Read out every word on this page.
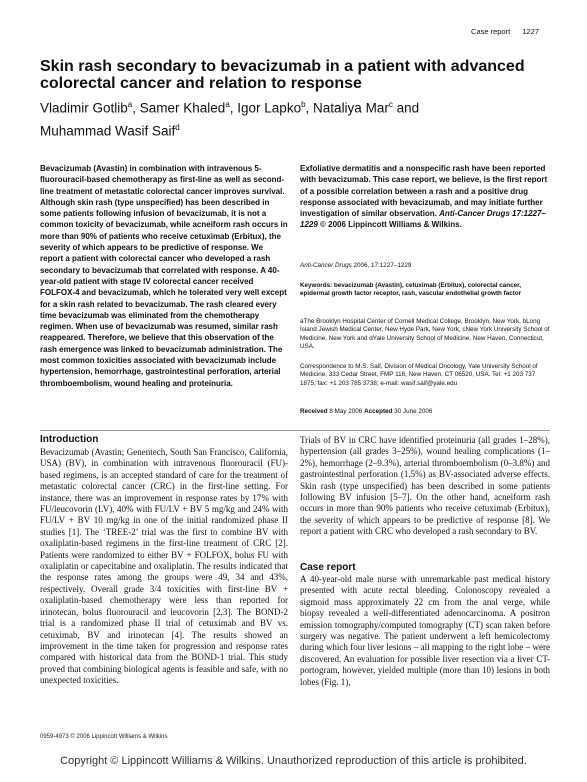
Case report 1227
Skin rash secondary to bevacizumab in a patient with advanced colorectal cancer and relation to response
Vladimir Gotlib$^a$, Samer Khaled$^a$, Igor Lapko$^b$, Nataliya Mar$^c$ and
Muhammad Wasif Saif$^d$
Bevacizumab (Avastin) in combination with intravenous 5-fluorouracil-based chemotherapy as first-line as well as second-line treatment of metastatic colorectal cancer improves survival. Although skin rash (type unspecified) has been described in some patients following infusion of bevacizumab, it is not a common toxicity of bevacizumab, while acneiform rash occurs in more than 90% of patients who receive cetuximab (Erbitux), the severity of which appears to be predictive of response. We report a patient with colorectal cancer who developed a rash secondary to bevacizumab that correlated with response. A 40-year-old patient with stage IV colorectal cancer received FOLFOX-4 and bevacizumab, which he tolerated very well except for a skin rash related to bevacizumab. The rash cleared every time bevacizumab was eliminated from the chemotherapy regimen. When use of bevacizumab was resumed, similar rash reappeared. Therefore, we believe that this observation of the rash emergence was linked to bevacizumab administration. The most common toxicities associated with bevacizumab include hypertension, hemorrhage, gastrointestinal perforation, arterial thromboembolism, wound healing and proteinuria.
Exfoliative dermatitis and a nonspecific rash have been reported with bevacizumab. This case report, we believe, is the first report of a possible correlation between a rash and a positive drug response associated with bevacizumab, and may initiate further investigation of similar observation. Anti-Cancer Drugs 17:1227–1229 © 2006 Lippincott Williams & Wilkins.
Anti-Cancer Drugs 2006, 17:1227–1229
Keywords: bevacizumab (Avastin), cetuximab (Erbitux), colorectal cancer, epidermal growth factor receptor, rash, vascular endothelial growth factor
aThe Brooklyn Hospital Center of Cornell Medical College, Brooklyn, New York, bLong Island Jewish Medical Center, New Hyde Park, New York, cNew York University School of Medicine, New York and dYale University School of Medicine, New Haven, Connecticut, USA.
Correspondence to M.S. Saif, Division of Medical Oncology, Yale University School of Medicine, 333 Cedar Street, FMP 116, New Haven, CT 06520, USA. Tel: +1 203 737 1875; fax: +1 203 785 3738; e-mail: wasif.saif@yale.edu
Received 8 May 2006 Accepted 30 June 2006
Introduction
Bevacizumab (Avastin; Genentech, South San Francisco, California, USA) (BV), in combination with intravenous fluorouracil (FU)-based regimens, is an accepted standard of care for the treatment of metastatic colorectal cancer (CRC) in the first-line setting. For instance, there was an improvement in response rates by 17% with FU/leucovorin (LV), 40% with FU/LV + BV 5 mg/kg and 24% with FU/LV + BV 10 mg/kg in one of the initial randomized phase II studies [1]. The ‘TREE-2’ trial was the first to combine BV with oxaliplatin-based regimens in the first-line treatment of CRC [2]. Patients were randomized to either BV + FOLFOX, bolus FU with oxaliplatin or capecitabine and oxaliplatin. The results indicated that the response rates among the groups were 49, 34 and 43%, respectively. Overall grade 3/4 toxicities with first-line BV + oxaliplatin-based chemotherapy were less than reported for irinotecan, bolus fluorouracil and leucovorin [2,3]. The BOND-2 trial is a randomized phase II trial of cetuximab and BV vs. cetuximab, BV and irinotecan [4]. The results showed an improvement in the time taken for progression and response rates compared with historical data from the BOND-1 trial. This study proved that combining biological agents is feasible and safe, with no unexpected toxicities.
Trials of BV in CRC have identified proteinuria (all grades 1–28%), hypertension (all grades 3–25%), wound healing complications (1–2%), hemorrhage (2–9.3%), arterial thromboembolism (0–3.8%) and gastrointestinal perforation (1.5%) as BV-associated adverse effects. Skin rash (type unspecified) has been described in some patients following BV infusion [5–7]. On the other hand, acneiform rash occurs in more than 90% patients who receive cetuximab (Erbitux), the severity of which appears to be predictive of response [8]. We report a patient with CRC who developed a rash secondary to BV.
Case report
A 40-year-old male nurse with unremarkable past medical history presented with acute rectal bleeding. Colonoscopy revealed a sigmoid mass approximately 22 cm from the anal verge, while biopsy revealed a well-differentiated adenocarcinoma. A positron emission tomography/computed tomography (CT) scan taken before surgery was negative. The patient underwent a left hemicolectomy during which four liver lesions – all mapping to the right lobe – were discovered. An evaluation for possible liver resection via a liver CT-portogram, however, yielded multiple (more than 10) lesions in both lobes (Fig. 1),
0959-4973 © 2006 Lippincott Williams & Wilkins
Copyright © Lippincott Williams & Wilkins. Unauthorized reproduction of this article is prohibited.
